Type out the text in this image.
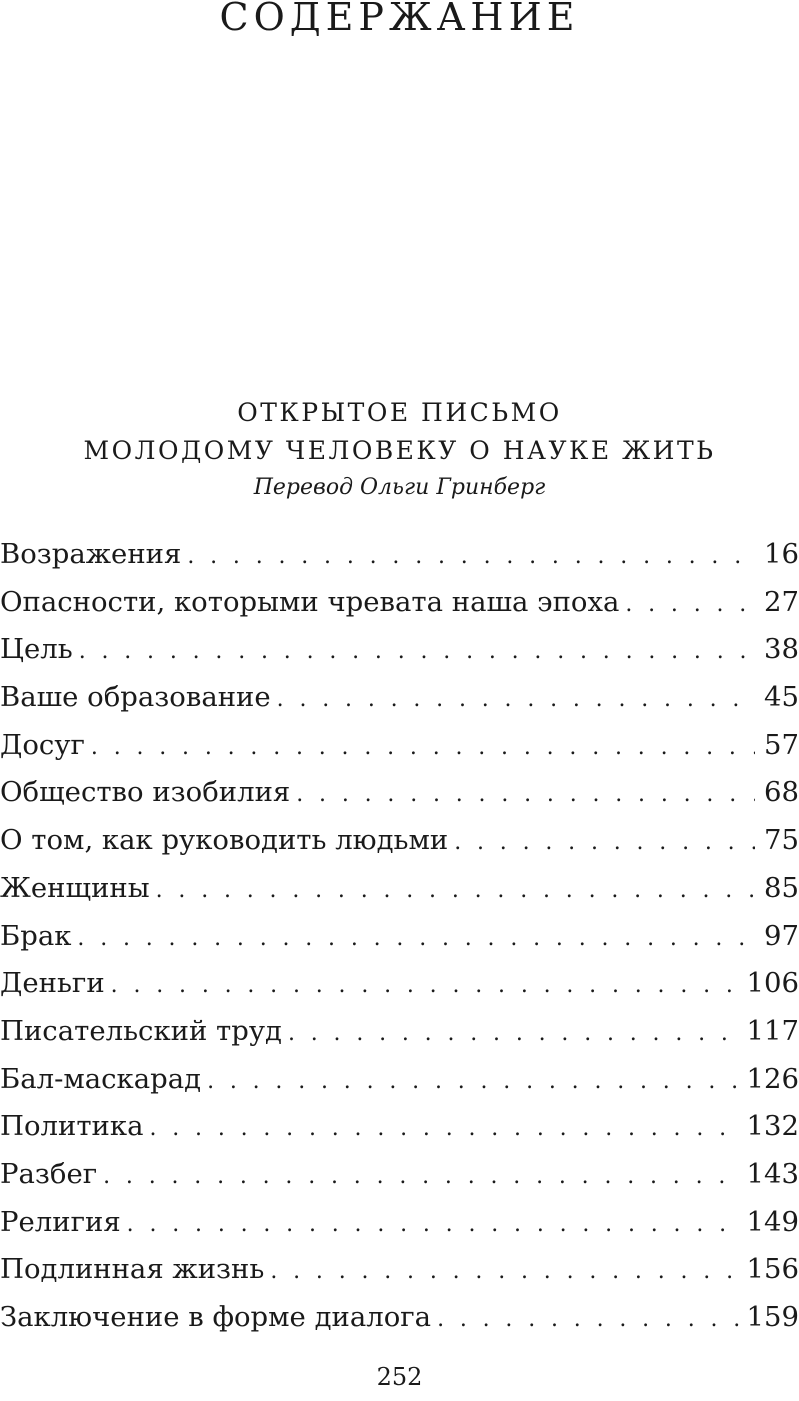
СОДЕРЖАНИЕ
ОТКРЫТОЕ ПИСЬМО
МОЛОДОМУ ЧЕЛОВЕКУ О НАУКЕ ЖИТЬ
Перевод Ольги Гринберг
Возражения . . .	16
Опасности, которыми чревата наша эпоха . . .	27
Цель . . .	38
Ваше образование . . .	45
Досуг . . .	57
Общество изобилия . . .	68
О том, как руководить людьми . . .	75
Женщины . . .	85
Брак . . .	97
Деньги . . .	106
Писательский труд . . .	117
Бал-маскарад . . .	126
Политика . . .	132
Разбег . . .	143
Религия . . .	149
Подлинная жизнь . . .	156
Заключение в форме диалога . . .	159
252
